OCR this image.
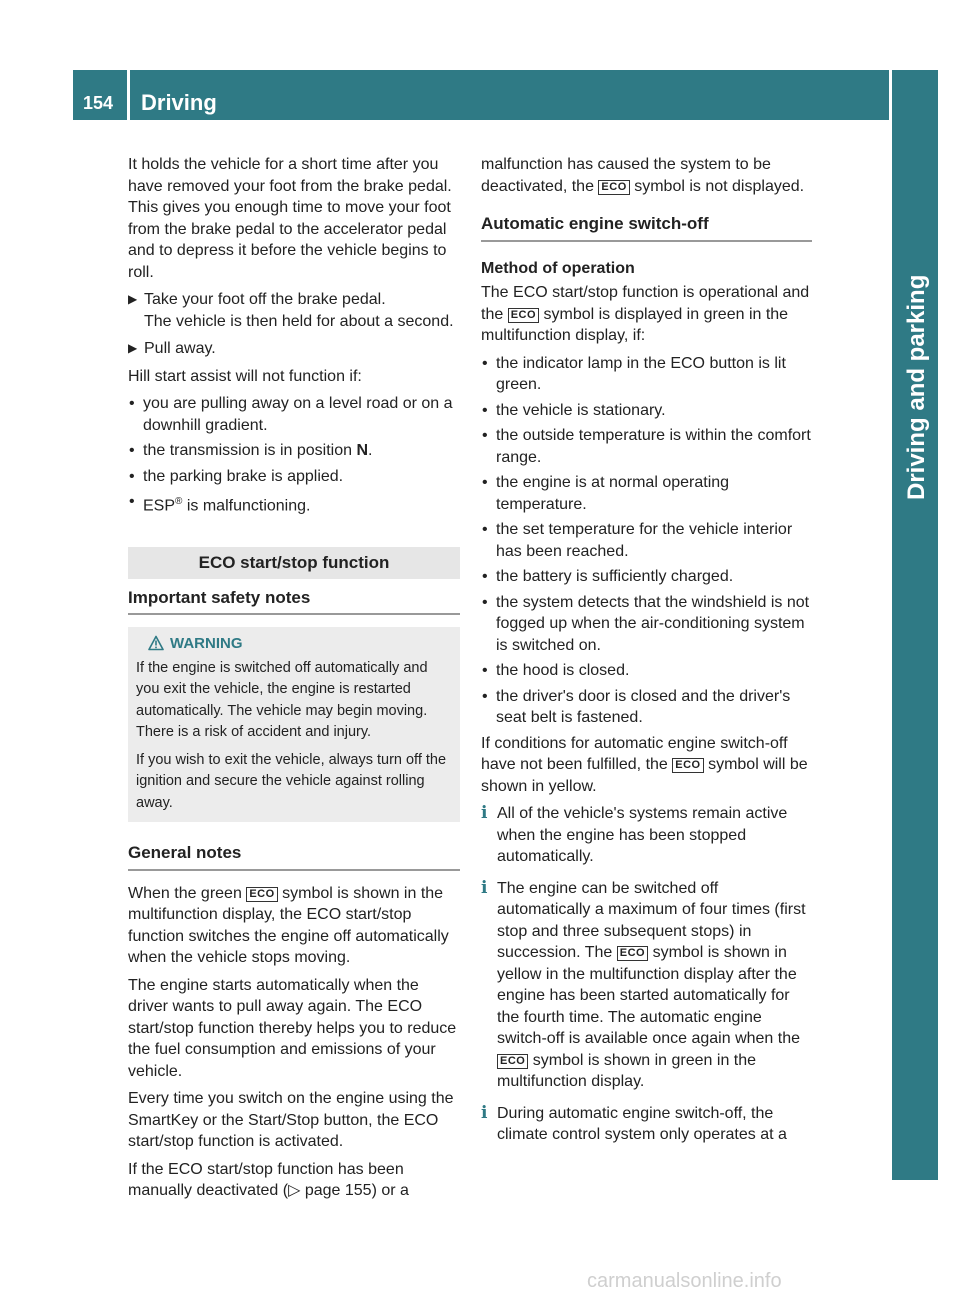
154 Driving
Driving and parking

It holds the vehicle for a short time after you have removed your foot from the brake pedal. This gives you enough time to move your foot from the brake pedal to the accelerator pedal and to depress it before the vehicle begins to roll.

▶ Take your foot off the brake pedal.
The vehicle is then held for about a second.
▶ Pull away.

Hill start assist will not function if:

• you are pulling away on a level road or on a downhill gradient.
• the transmission is in position N.
• the parking brake is applied.
• ESP® is malfunctioning.
ECO start/stop function
Important safety notes
WARNING

If the engine is switched off automatically and you exit the vehicle, the engine is restarted automatically. The vehicle may begin moving. There is a risk of accident and injury.

If you wish to exit the vehicle, always turn off the ignition and secure the vehicle against rolling away.

General notes

When the green ECO symbol is shown in the multifunction display, the ECO start/stop function switches the engine off automatically when the vehicle stops moving.

The engine starts automatically when the driver wants to pull away again. The ECO start/stop function thereby helps you to reduce the fuel consumption and emissions of your vehicle.

Every time you switch on the engine using the SmartKey or the Start/Stop button, the ECO start/stop function is activated.

If the ECO start/stop function has been manually deactivated (▷ page 155) or a

malfunction has caused the system to be deactivated, the ECO symbol is not displayed.

Automatic engine switch-off
Method of operation

The ECO start/stop function is operational and the ECO symbol is displayed in green in the multifunction display, if:

• the indicator lamp in the ECO button is lit green.
• the vehicle is stationary.
• the outside temperature is within the comfort range.
• the engine is at normal operating temperature.
• the set temperature for the vehicle interior has been reached.
• the battery is sufficiently charged.
• the system detects that the windshield is not fogged up when the air-conditioning system is switched on.
• the hood is closed.
• the driver's door is closed and the driver's seat belt is fastened.

If conditions for automatic engine switch-off have not been fulfilled, the ECO symbol will be shown in yellow.

i All of the vehicle's systems remain active when the engine has been stopped automatically.
i The engine can be switched off automatically a maximum of four times (first stop and three subsequent stops) in succession. The ECO symbol is shown in yellow in the multifunction display after the engine has been started automatically for the fourth time. The automatic engine switch-off is available once again when the ECO symbol is shown in green in the multifunction display.
i During automatic engine switch-off, the climate control system only operates at a
carmanualsonline.info
